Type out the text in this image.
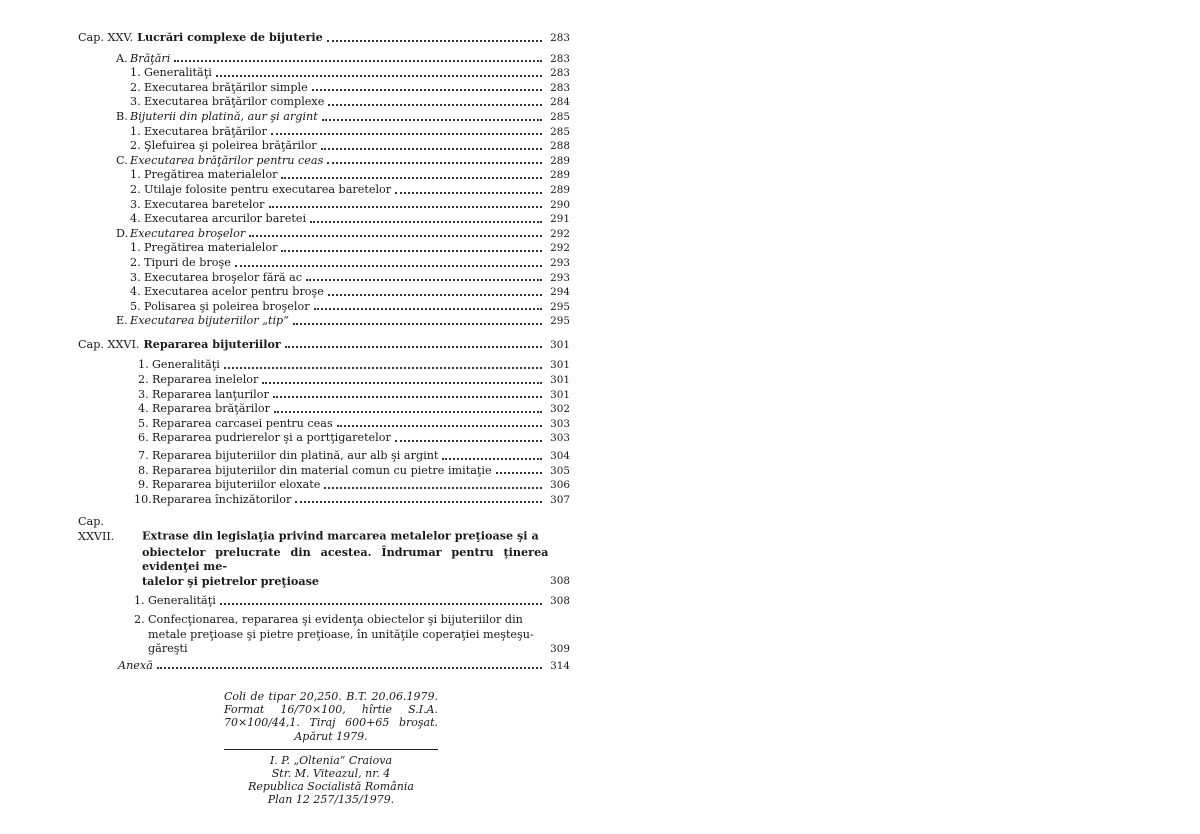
Cap. XXV. Lucrări complexe de bijuterie	283
A. Brăţări	283
1. Generalităţi	283
2. Executarea brăţărilor simple	283
3. Executarea brăţărilor complexe	284
B. Bijuterii din platină, aur şi argint	285
1. Executarea brăţărilor	285
2. Şlefuirea şi poleirea brăţărilor	288
C. Executarea brăţărilor pentru ceas	289
1. Pregătirea materialelor	289
2. Utilaje folosite pentru executarea baretelor	289
3. Executarea baretelor	290
4. Executarea arcurilor baretei	291
D. Executarea broşelor	292
1. Pregătirea materialelor	292
2. Tipuri de broşe	293
3. Executarea broşelor fără ac	293
4. Executarea acelor pentru broşe	294
5. Polisarea şi poleirea broşelor	295
E. Executarea bijuteriilor „tip“	295
Cap. XXVI. Repararea bijuteriilor	301
1. Generalităţi	301
2. Repararea inelelor	301
3. Repararea lanţurilor	301
4. Repararea brăţărilor	302
5. Repararea carcasei pentru ceas	303
6. Repararea pudrierelor şi a portţigaretelor	303
7. Repararea bijuteriilor din platină, aur alb şi argint	304
8. Repararea bijuteriilor din material comun cu pietre imitaţie	305
9. Repararea bijuteriilor eloxate	306
10.Repararea închizătorilor	307
Cap. XXVII. Extrase din legislaţia privind marcarea metalelor preţioase şi a
obiectelor prelucrate din acestea. Îndrumar pentru ţinerea evidenţei me-
talelor şi pietrelor preţioase	308
1. Generalităţi	308
2. Confecţionarea, repararea şi evidenţa obiectelor şi bijuteriilor din
metale preţioase şi pietre preţioase, în unităţile coperaţiei meşteşu-
găreşti	309
Anexă	314
Coli de tipar 20,250. B.T. 20.06.1979.
Format 16/70×100, hîrtie S.I.A.
70×100/44,1. Tiraj 600+65 broşat.
Apărut 1979.
I. P. „Oltenia“ Craiova
Str. M. Viteazul, nr. 4
Republica Socialistă România
Plan 12 257/135/1979.
